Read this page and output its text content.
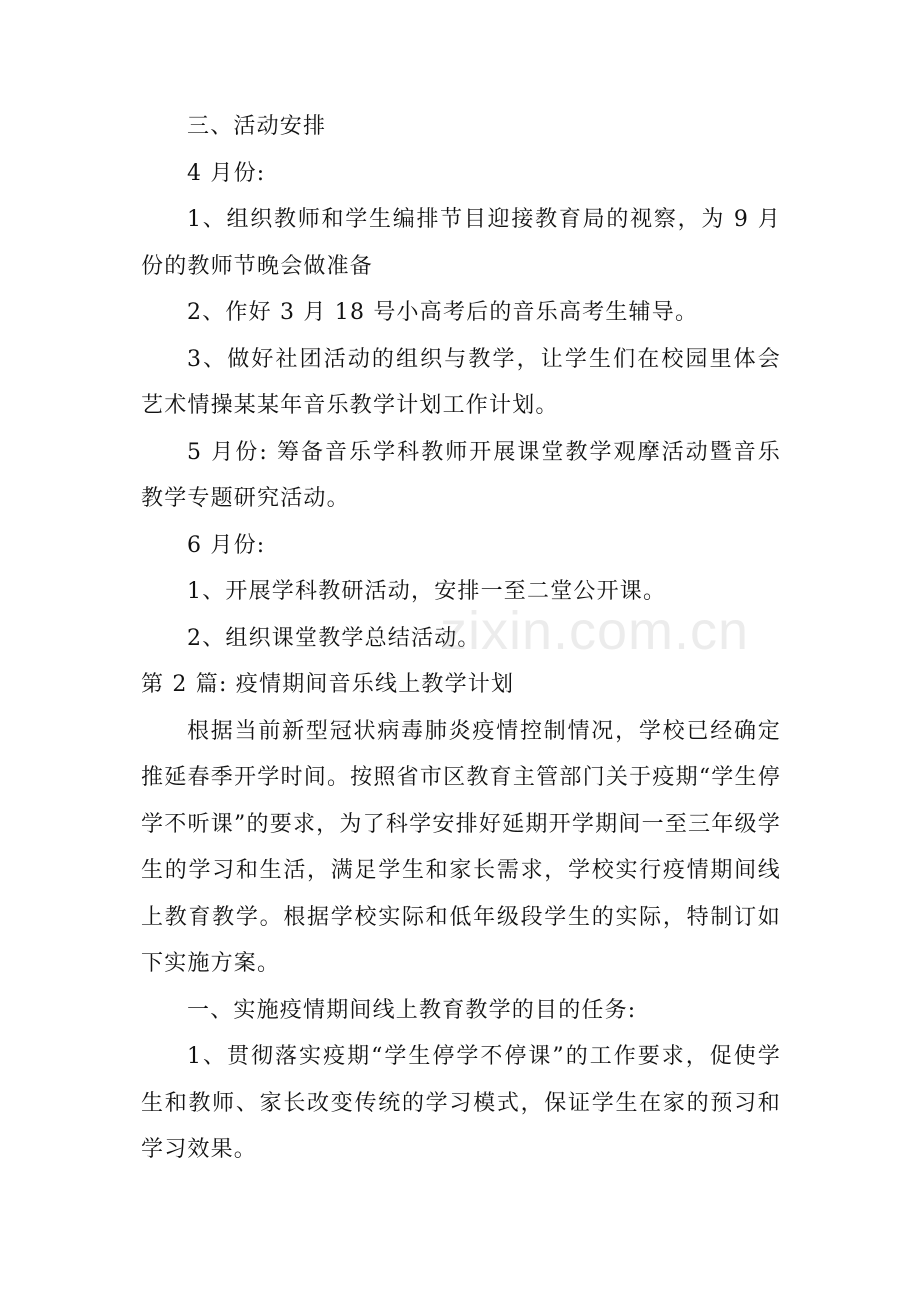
三、活动安排

4 月份:

1、组织教师和学生编排节目迎接教育局的视察，为 9 月份的教师节晚会做准备

2、作好 3 月 18 号小高考后的音乐高考生辅导。

3、做好社团活动的组织与教学，让学生们在校园里体会艺术情操某某年音乐教学计划工作计划。

5 月份: 筹备音乐学科教师开展课堂教学观摩活动暨音乐教学专题研究活动。

6 月份:

1、开展学科教研活动，安排一至二堂公开课。

2、组织课堂教学总结活动。

第 2 篇: 疫情期间音乐线上教学计划

根据当前新型冠状病毒肺炎疫情控制情况，学校已经确定推延春季开学时间。按照省市区教育主管部门关于疫期“学生停学不听课”的要求，为了科学安排好延期开学期间一至三年级学生的学习和生活，满足学生和家长需求，学校实行疫情期间线上教育教学。根据学校实际和低年级段学生的实际，特制订如下实施方案。

一、实施疫情期间线上教育教学的目的任务:

1、贯彻落实疫期“学生停学不停课”的工作要求，促使学生和教师、家长改变传统的学习模式，保证学生在家的预习和学习效果。

zixin.com.cn
